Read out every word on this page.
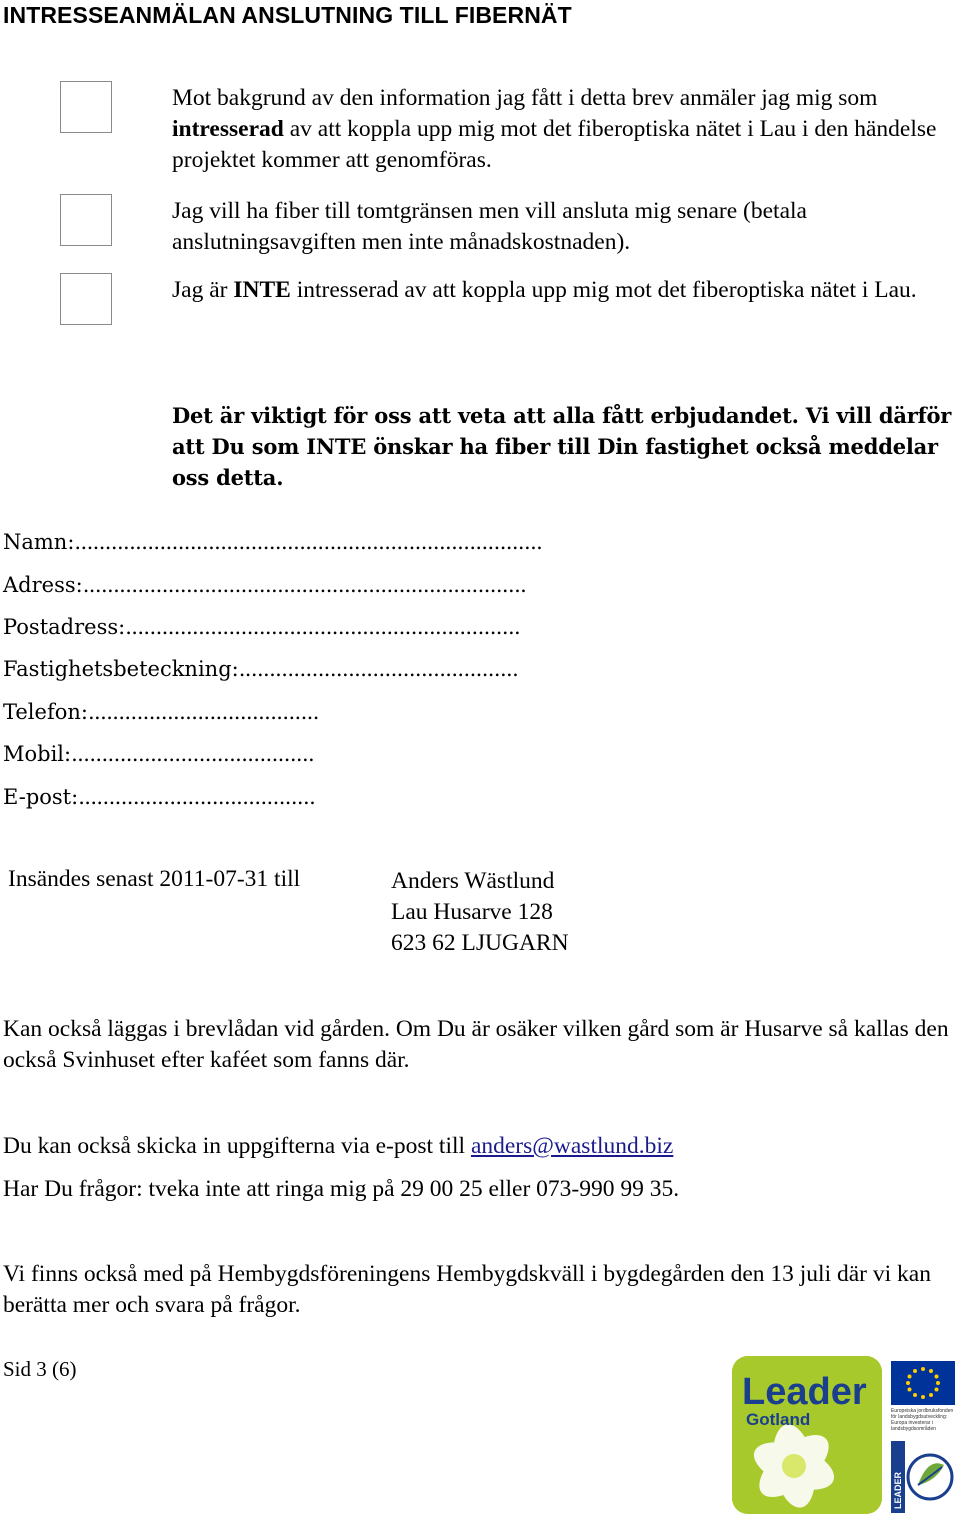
INTRESSEANMÄLAN ANSLUTNING TILL FIBERNÄT
Mot bakgrund av den information jag fått i detta brev anmäler jag mig som intresserad av att koppla upp mig mot det fiberoptiska nätet i Lau i den händelse projektet kommer att genomföras.
Jag vill ha fiber till tomtgränsen men vill ansluta mig senare (betala anslutningsavgiften men inte månadskostnaden).
Jag är INTE intresserad av att koppla upp mig mot det fiberoptiska nätet i Lau.
Det är viktigt för oss att veta att alla fått erbjudandet. Vi vill därför att Du som INTE önskar ha fiber till Din fastighet också meddelar oss detta.
Namn:.............................................................................
Adress:.........................................................................
Postadress:.................................................................
Fastighetsbeteckning:..............................................
Telefon:......................................
Mobil:........................................
E-post:.......................................
Insändes senast 2011-07-31 till	Anders Wästlund
Lau Husarve 128
623 62 LJUGARN
Kan också läggas i brevlådan vid gården. Om Du är osäker vilken gård som är Husarve så kallas den också Svinhuset efter kaféet som fanns där.
Du kan också skicka in uppgifterna via e-post till anders@wastlund.biz
Har Du frågor: tveka inte att ringa mig på 29 00 25 eller 073-990 99 35.
Vi finns också med på Hembygdsföreningens Hembygdskväll i bygdegården den 13 juli där vi kan berätta mer och svara på frågor.
Sid 3 (6)
Leader
Gotland	Europeiska jordbruksfonden för landsbygdsutveckling: Europa investerar i landsbygdsområden
LEADER
